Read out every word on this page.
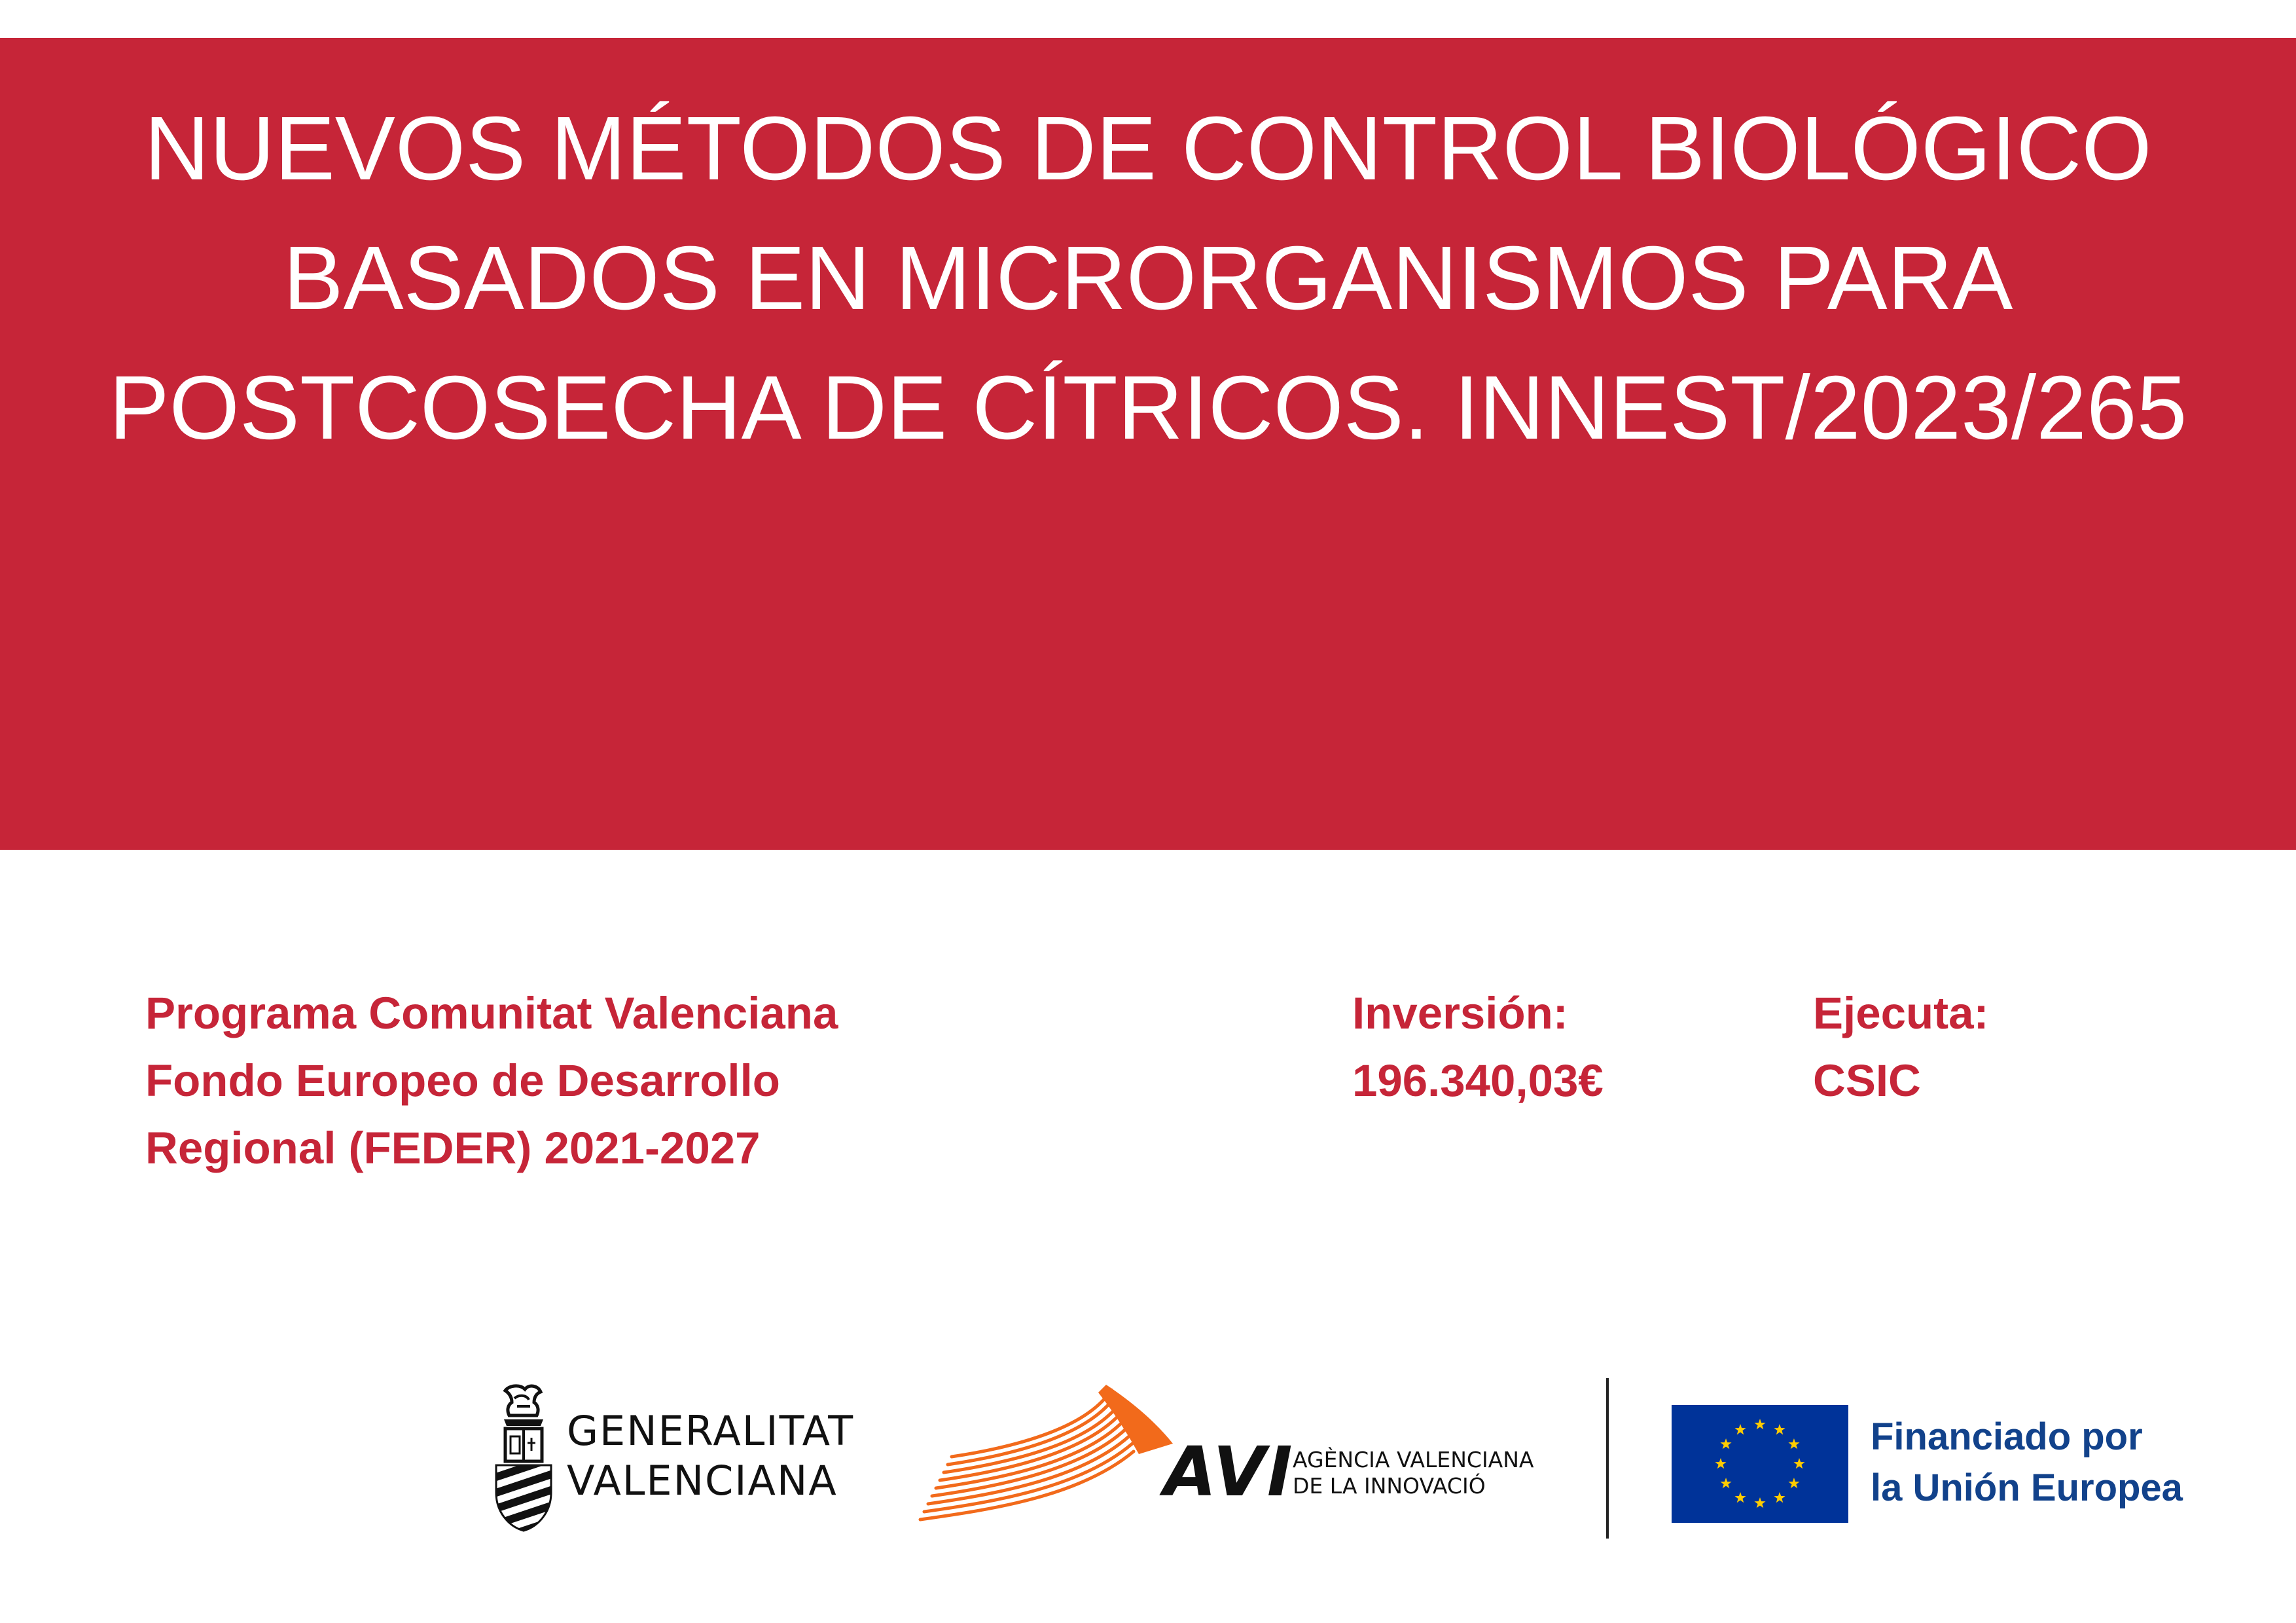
NUEVOS MÉTODOS DE CONTROL BIOLÓGICO
BASADOS EN MICRORGANISMOS PARA
POSTCOSECHA DE CÍTRICOS. INNEST/2023/265
Programa Comunitat Valenciana
Fondo Europeo de Desarrollo
Regional (FEDER) 2021-2027
Inversión:
196.340,03€
Ejecuta:
CSIC
GENERALITAT
VALENCIANA	AVI
AGÈNCIA VALENCIANA
DE LA INNOVACIÓ
Financiado por
la Unión Europea
